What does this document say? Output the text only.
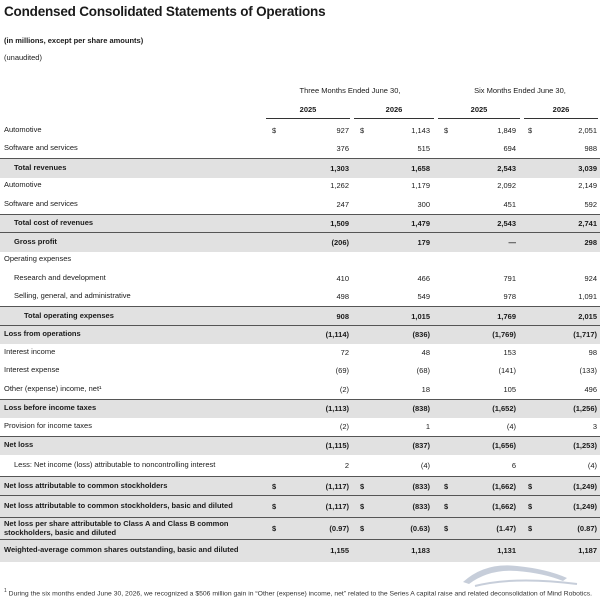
Condensed Consolidated Statements of Operations
(in millions, except per share amounts)
(unaudited)
Three Months Ended June 30,	Six Months Ended June 30,
2025	2026	2025	2026
Automotive	$	927 $	1,143 $	1,849 $	2,051
Software and services	376	515	694	988
Total revenues	1,303	1,658	2,543	3,039
Automotive	1,262	1,179	2,092	2,149
Software and services	247	300	451	592
Total cost of revenues	1,509	1,479	2,543	2,741
Gross profit	(206)	179	—	298
Operating expenses
Research and development	410	466	791	924
Selling, general, and administrative	498	549	978	1,091
Total operating expenses	908	1,015	1,769	2,015
Loss from operations	(1,114)	(836)	(1,769)	(1,717)
Interest income	72	48	153	98
Interest expense	(69)	(68)	(141)	(133)
Other (expense) income, net¹	(2)	18	105	496
Loss before income taxes	(1,113)	(838)	(1,652)	(1,256)
Provision for income taxes	(2)	1	(4)	3
Net loss	(1,115)	(837)	(1,656)	(1,253)
Less: Net income (loss) attributable to noncontrolling interest	2	(4)	6	(4)
Net loss attributable to common stockholders	$	(1,117) $	(833) $	(1,662) $	(1,249)
Net loss attributable to common stockholders, basic and diluted	$	(1,117) $	(833) $	(1,662) $	(1,249)
Net loss per share attributable to Class A and Class B common stockholders, basic and diluted	$	(0.97) $	(0.63) $	(1.47) $	(0.87)
Weighted-average common shares outstanding, basic and diluted	1,155	1,183	1,131	1,187
$^1$ During the six months ended June 30, 2026, we recognized a $506 million gain in “Other (expense) income, net” related to the Series A capital raise and related deconsolidation of Mind Robotics.
